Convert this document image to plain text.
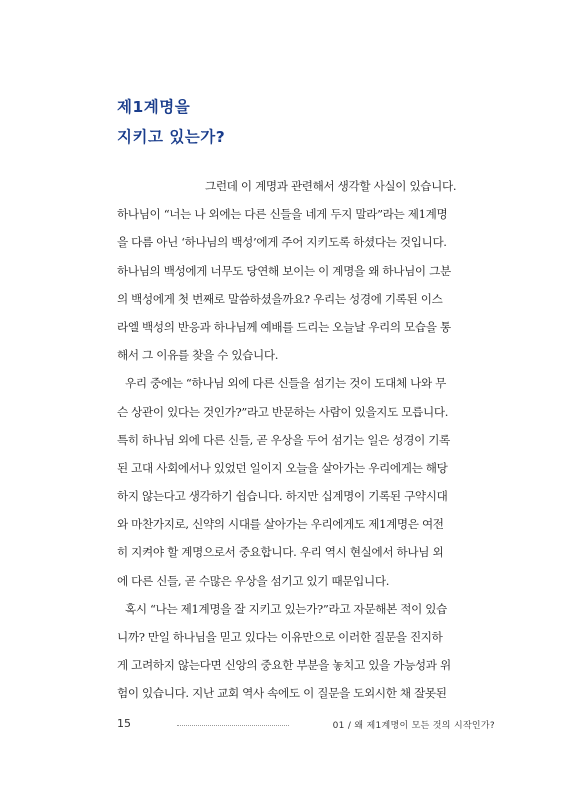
제1계명을
지키고 있는가?
그런데 이 계명과 관련해서 생각할 사실이 있습니다.
하나님이 “너는 나 외에는 다른 신들을 네게 두지 말라”라는 제1계명
을 다름 아닌 ‘하나님의 백성’에게 주어 지키도록 하셨다는 것입니다.
하나님의 백성에게 너무도 당연해 보이는 이 계명을 왜 하나님이 그분
의 백성에게 첫 번째로 말씀하셨을까요? 우리는 성경에 기록된 이스
라엘 백성의 반응과 하나님께 예배를 드리는 오늘날 우리의 모습을 통
해서 그 이유를 찾을 수 있습니다.
우리 중에는 “하나님 외에 다른 신들을 섬기는 것이 도대체 나와 무
슨 상관이 있다는 것인가?”라고 반문하는 사람이 있을지도 모릅니다.
특히 하나님 외에 다른 신들, 곧 우상을 두어 섬기는 일은 성경이 기록
된 고대 사회에서나 있었던 일이지 오늘을 살아가는 우리에게는 해당
하지 않는다고 생각하기 쉽습니다. 하지만 십계명이 기록된 구약시대
와 마찬가지로, 신약의 시대를 살아가는 우리에게도 제1계명은 여전
히 지켜야 할 계명으로서 중요합니다. 우리 역시 현실에서 하나님 외
에 다른 신들, 곧 수많은 우상을 섬기고 있기 때문입니다.
혹시 “나는 제1계명을 잘 지키고 있는가?”라고 자문해본 적이 있습
니까? 만일 하나님을 믿고 있다는 이유만으로 이러한 질문을 진지하
게 고려하지 않는다면 신앙의 중요한 부분을 놓치고 있을 가능성과 위
험이 있습니다. 지난 교회 역사 속에도 이 질문을 도외시한 채 잘못된
15	01 / 왜 제1계명이 모든 것의 시작인가?
